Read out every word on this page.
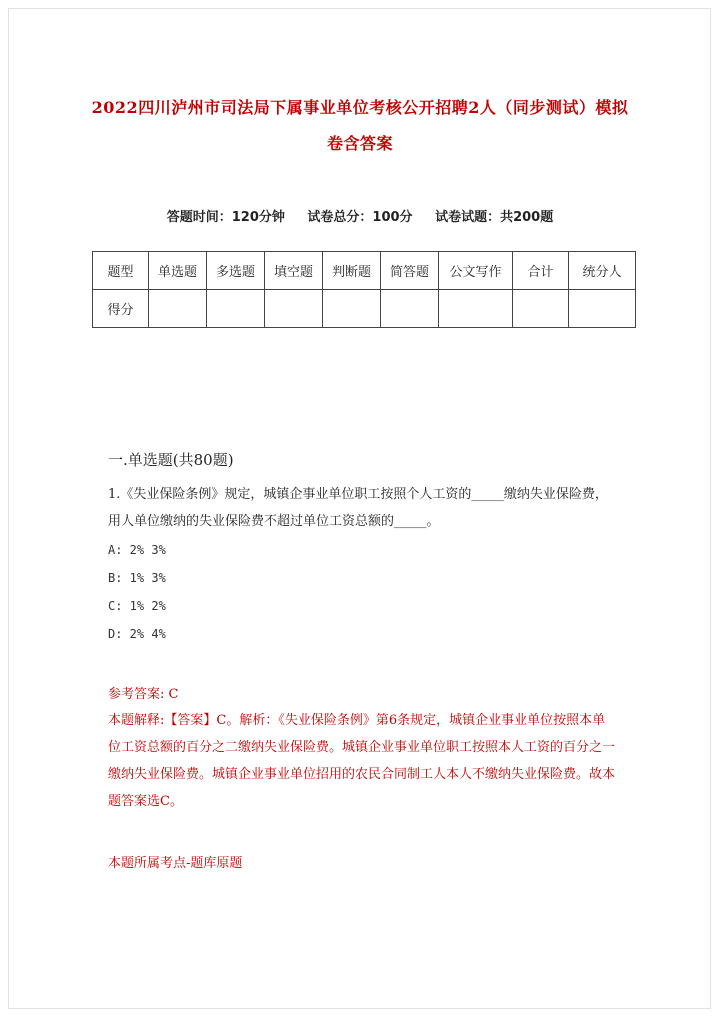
2022四川泸州市司法局下属事业单位考核公开招聘2人（同步测试）模拟卷含答案
答题时间：120分钟 试卷总分：100分 试卷试题：共200题
题型	单选题	多选题	填空题	判断题	简答题	公文写作	合计	统分人
得分								
一.单选题(共80题)
1.《失业保险条例》规定，城镇企事业单位职工按照个人工资的_____缴纳失业保险费，用人单位缴纳的失业保险费不超过单位工资总额的_____。
A: 2% 3%
B: 1% 3%
C: 1% 2%
D: 2% 4%
参考答案: C
本题解释:【答案】C。解析：《失业保险条例》第6条规定，城镇企业事业单位按照本单位工资总额的百分之二缴纳失业保险费。城镇企业事业单位职工按照本人工资的百分之一缴纳失业保险费。城镇企业事业单位招用的农民合同制工人本人不缴纳失业保险费。故本题答案选C。
本题所属考点-题库原题
